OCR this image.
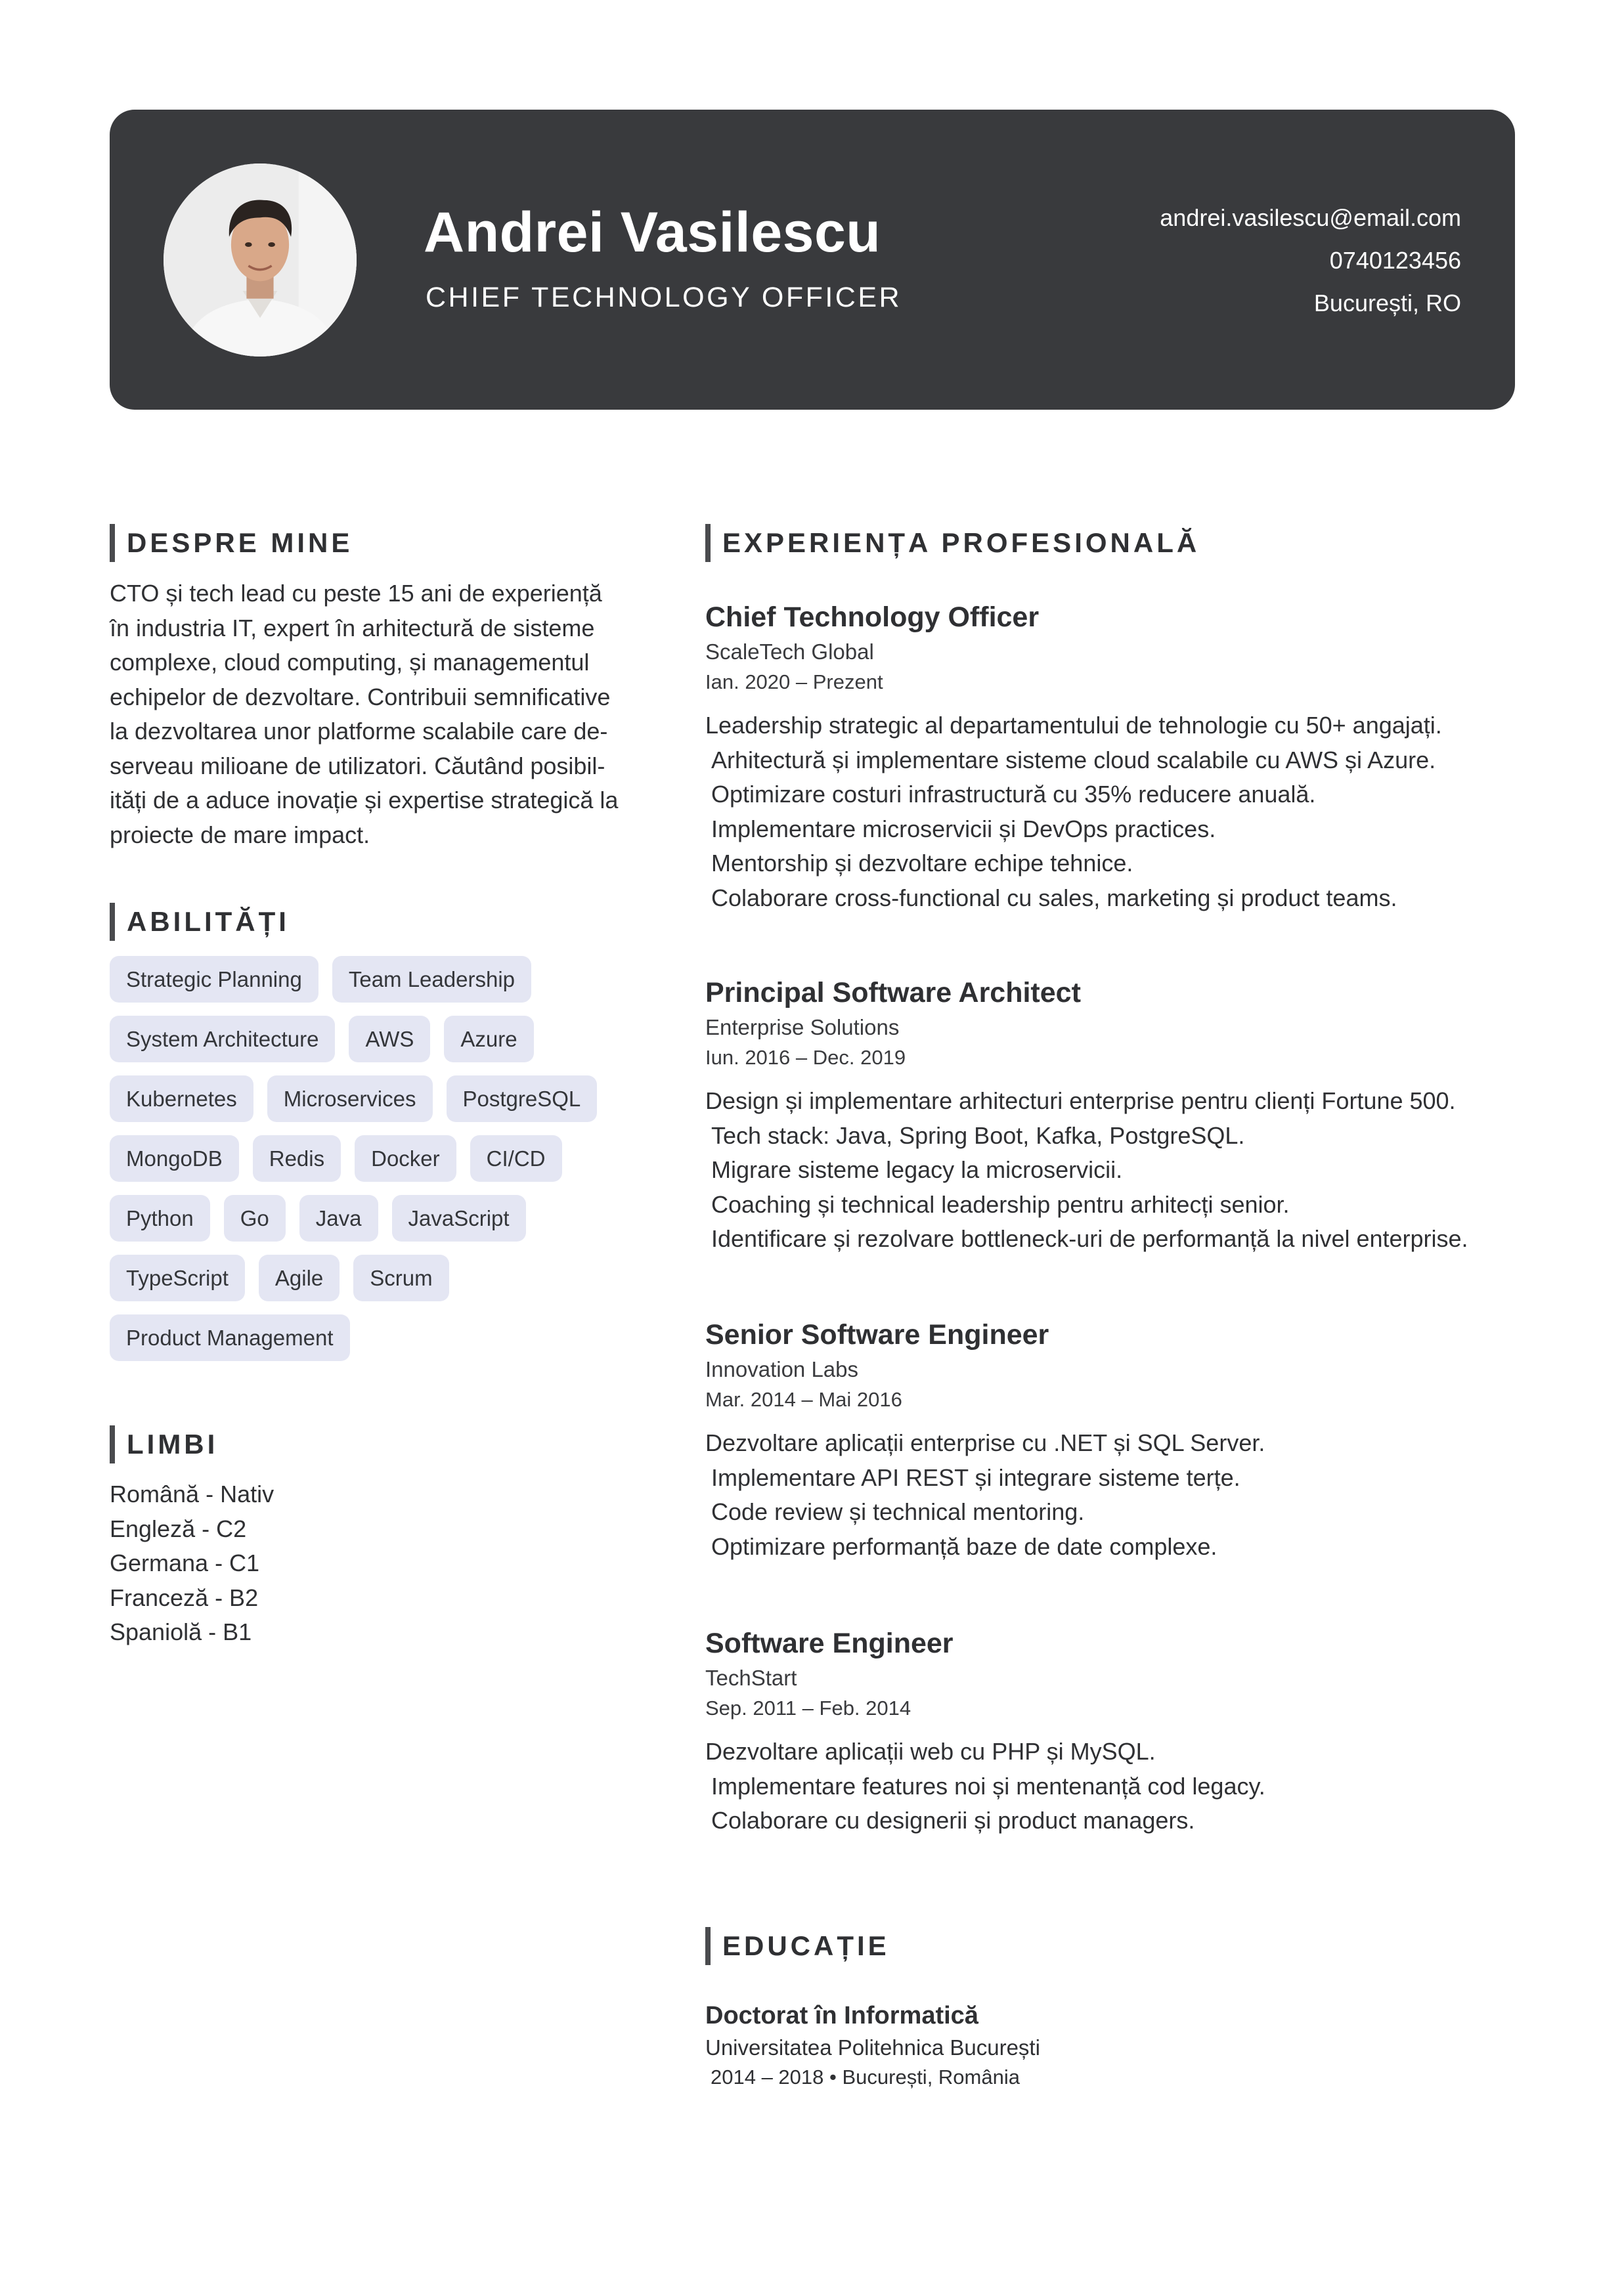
Andrei Vasilescu
CHIEF TECHNOLOGY OFFICER
andrei.vasilescu@email.com
0740123456
București, RO
DESPRE MINE
CTO și tech lead cu peste 15 ani de experiență
în industria IT, expert în arhitectură de sisteme
complexe, cloud computing, și managementul
echipelor de dezvoltare. Contribuii semnificative
la dezvoltarea unor platforme scalabile care de-
serveau milioane de utilizatori. Căutând posibil-
ități de a aduce inovație și expertise strategică la
proiecte de mare impact.
ABILITĂȚI
Strategic Planning	Team Leadership
System Architecture	AWS	Azure
Kubernetes	Microservices	PostgreSQL
MongoDB	Redis	Docker	CI/CD
Python	Go	Java	JavaScript
TypeScript	Agile	Scrum
Product Management
LIMBI
Română - Nativ
Engleză - C2
Germana - C1
Franceză - B2
Spaniolă - B1
EXPERIENȚA PROFESIONALĂ
Chief Technology Officer
ScaleTech Global
Ian. 2020 – Prezent
Leadership strategic al departamentului de tehnologie cu 50+ angajați.
Arhitectură și implementare sisteme cloud scalabile cu AWS și Azure.
Optimizare costuri infrastructură cu 35% reducere anuală.
Implementare microservicii și DevOps practices.
Mentorship și dezvoltare echipe tehnice.
Colaborare cross-functional cu sales, marketing și product teams.
Principal Software Architect
Enterprise Solutions
Iun. 2016 – Dec. 2019
Design și implementare arhitecturi enterprise pentru clienți Fortune 500.
Tech stack: Java, Spring Boot, Kafka, PostgreSQL.
Migrare sisteme legacy la microservicii.
Coaching și technical leadership pentru arhitecți senior.
Identificare și rezolvare bottleneck-uri de performanță la nivel enterprise.
Senior Software Engineer
Innovation Labs
Mar. 2014 – Mai 2016
Dezvoltare aplicații enterprise cu .NET și SQL Server.
Implementare API REST și integrare sisteme terțe.
Code review și technical mentoring.
Optimizare performanță baze de date complexe.
Software Engineer
TechStart
Sep. 2011 – Feb. 2014
Dezvoltare aplicații web cu PHP și MySQL.
Implementare features noi și mentenanță cod legacy.
Colaborare cu designerii și product managers.
EDUCAȚIE
Doctorat în Informatică
Universitatea Politehnica București
2014 – 2018 • București, România
